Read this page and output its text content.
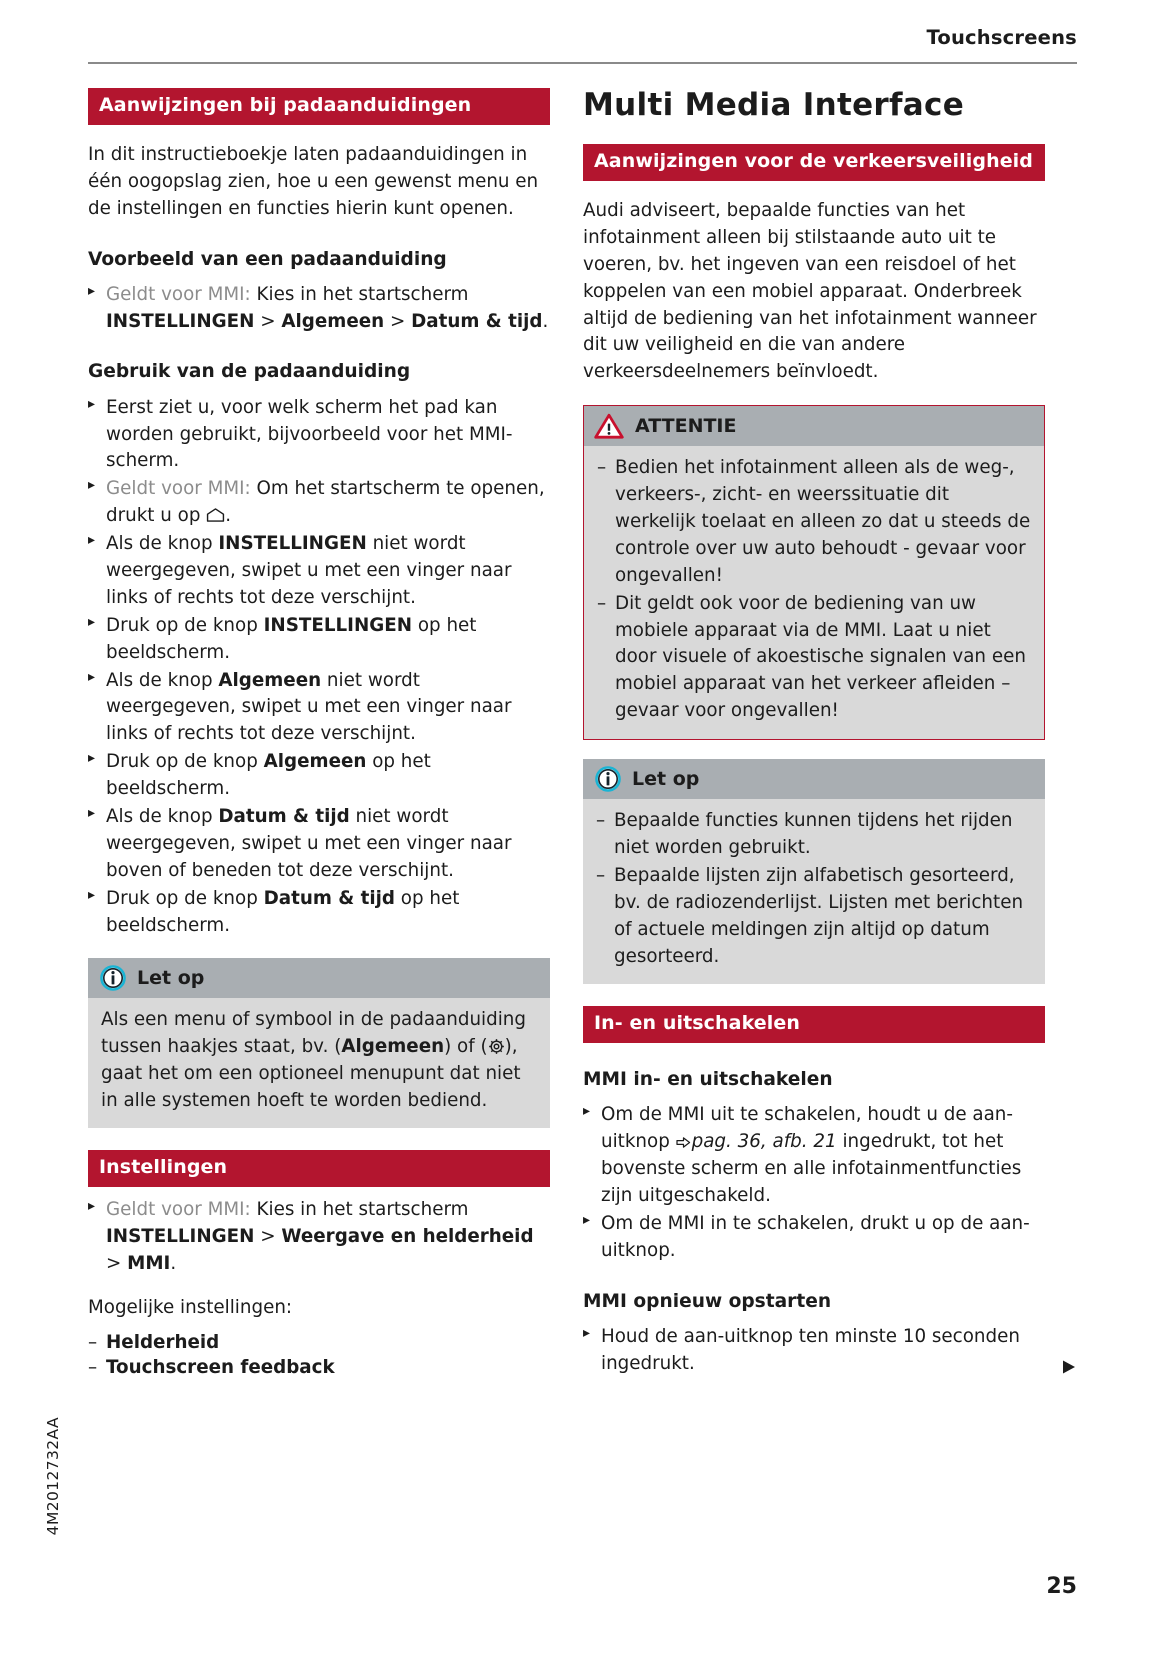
Touchscreens
Aanwijzingen bij padaanduidingen

In dit instructieboekje laten padaanduidingen in één oogopslag zien, hoe u een gewenst menu en de instellingen en functies hierin kunt openen.

Voorbeeld van een padaanduiding
▸ Geldt voor MMI: Kies in het startscherm INSTELLINGEN > Algemeen > Datum & tijd.
Gebruik van de padaanduiding
▸ Eerst ziet u, voor welk scherm het pad kan worden gebruikt, bijvoorbeeld voor het MMI-scherm.
▸ Geldt voor MMI: Om het startscherm te openen, drukt u op .
▸ Als de knop INSTELLINGEN niet wordt weergegeven, swipet u met een vinger naar links of rechts tot deze verschijnt.
▸ Druk op de knop INSTELLINGEN op het beeldscherm.
▸ Als de knop Algemeen niet wordt weergegeven, swipet u met een vinger naar links of rechts tot deze verschijnt.
▸ Druk op de knop Algemeen op het beeldscherm.
▸ Als de knop Datum & tijd niet wordt weergegeven, swipet u met een vinger naar boven of beneden tot deze verschijnt.
▸ Druk op de knop Datum & tijd op het beeldscherm.
Let op

Als een menu of symbool in de padaanduiding tussen haakjes staat, bv. (Algemeen) of ( ), gaat het om een optioneel menupunt dat niet in alle systemen hoeft te worden bediend.

Instellingen
▸ Geldt voor MMI: Kies in het startscherm INSTELLINGEN > Weergave en helderheid > MMI.

Mogelijke instellingen:

– Helderheid
– Touchscreen feedback
Multi Media Interface
Aanwijzingen voor de verkeersveiligheid

Audi adviseert, bepaalde functies van het infotainment alleen bij stilstaande auto uit te voeren, bv. het ingeven van een reisdoel of het koppelen van een mobiel apparaat. Onderbreek altijd de bediening van het infotainment wanneer dit uw veiligheid en die van andere verkeersdeelnemers beïnvloedt.

ATTENTIE
– Bedien het infotainment alleen als de weg-, verkeers-, zicht- en weerssituatie dit werkelijk toelaat en alleen zo dat u steeds de controle over uw auto behoudt - gevaar voor ongevallen!
– Dit geldt ook voor de bediening van uw mobiele apparaat via de MMI. Laat u niet door visuele of akoestische signalen van een mobiel apparaat van het verkeer afleiden – gevaar voor ongevallen!
Let op
– Bepaalde functies kunnen tijdens het rijden niet worden gebruikt.
– Bepaalde lijsten zijn alfabetisch gesorteerd, bv. de radiozenderlijst. Lijsten met berichten of actuele meldingen zijn altijd op datum gesorteerd.
In- en uitschakelen
MMI in- en uitschakelen
▸ Om de MMI uit te schakelen, houdt u de aan-uitknop pag. 36, afb. 21 ingedrukt, tot het bovenste scherm en alle infotainmentfuncties zijn uitgeschakeld.
▸ Om de MMI in te schakelen, drukt u op de aan-uitknop.
MMI opnieuw opstarten
▸ Houd de aan-uitknop ten minste 10 seconden ingedrukt.
4M2012732AA
25
